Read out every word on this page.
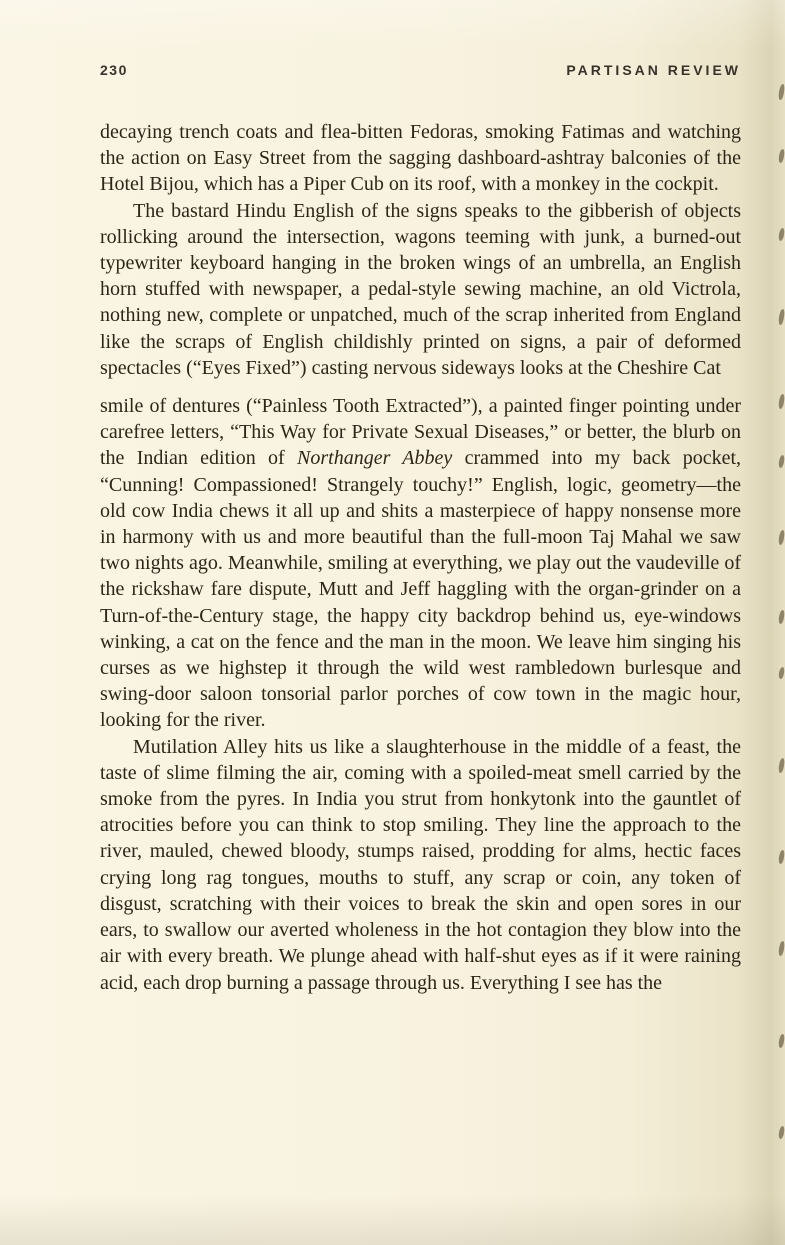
230	PARTISAN REVIEW

decaying trench coats and flea-bitten Fedoras, smoking Fatimas and watching the action on Easy Street from the sagging dashboard-ashtray balconies of the Hotel Bijou, which has a Piper Cub on its roof, with a monkey in the cockpit.

The bastard Hindu English of the signs speaks to the gibberish of objects rollicking around the intersection, wagons teeming with junk, a burned-out typewriter keyboard hanging in the broken wings of an umbrella, an English horn stuffed with newspaper, a pedal-style sewing machine, an old Victrola, nothing new, complete or unpatched, much of the scrap inherited from England like the scraps of English childishly printed on signs, a pair of deformed spectacles (“Eyes Fixed”) casting nervous sideways looks at the Cheshire Cat

smile of dentures (“Painless Tooth Extracted”), a painted finger pointing under carefree letters, “This Way for Private Sexual Diseases,” or better, the blurb on the Indian edition of Northanger Abbey crammed into my back pocket, “Cunning! Compassioned! Strangely touchy!” English, logic, geometry—the old cow India chews it all up and shits a masterpiece of happy nonsense more in harmony with us and more beautiful than the full-moon Taj Mahal we saw two nights ago. Meanwhile, smiling at everything, we play out the vaudeville of the rickshaw fare dispute, Mutt and Jeff haggling with the organ-grinder on a Turn-of-the-Century stage, the happy city backdrop behind us, eye-windows winking, a cat on the fence and the man in the moon. We leave him singing his curses as we highstep it through the wild west rambledown burlesque and swing-door saloon tonsorial parlor porches of cow town in the magic hour, looking for the river.

Mutilation Alley hits us like a slaughterhouse in the middle of a feast, the taste of slime filming the air, coming with a spoiled-meat smell carried by the smoke from the pyres. In India you strut from honkytonk into the gauntlet of atrocities before you can think to stop smiling. They line the approach to the river, mauled, chewed bloody, stumps raised, prodding for alms, hectic faces crying long rag tongues, mouths to stuff, any scrap or coin, any token of disgust, scratching with their voices to break the skin and open sores in our ears, to swallow our averted wholeness in the hot contagion they blow into the air with every breath. We plunge ahead with half-shut eyes as if it were raining acid, each drop burning a passage through us. Everything I see has the
